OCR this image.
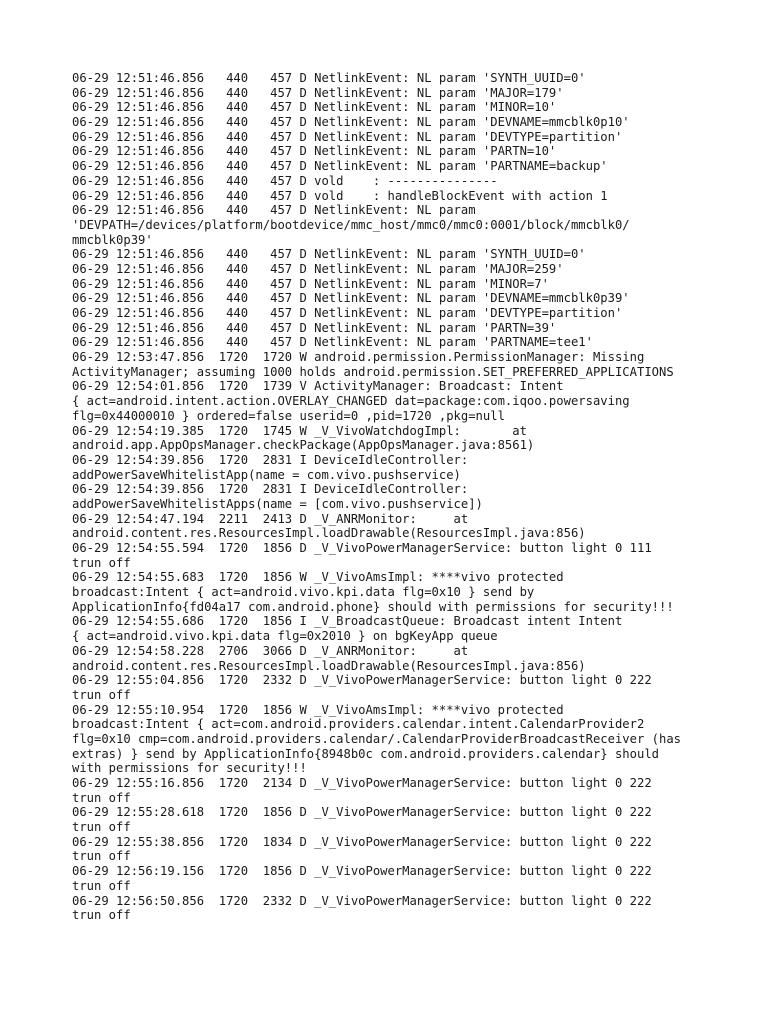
06-29 12:51:46.856   440   457 D NetlinkEvent: NL param 'SYNTH_UUID=0'
06-29 12:51:46.856   440   457 D NetlinkEvent: NL param 'MAJOR=179'
06-29 12:51:46.856   440   457 D NetlinkEvent: NL param 'MINOR=10'
06-29 12:51:46.856   440   457 D NetlinkEvent: NL param 'DEVNAME=mmcblk0p10'
06-29 12:51:46.856   440   457 D NetlinkEvent: NL param 'DEVTYPE=partition'
06-29 12:51:46.856   440   457 D NetlinkEvent: NL param 'PARTN=10'
06-29 12:51:46.856   440   457 D NetlinkEvent: NL param 'PARTNAME=backup'
06-29 12:51:46.856   440   457 D vold    : ---------------
06-29 12:51:46.856   440   457 D vold    : handleBlockEvent with action 1
06-29 12:51:46.856   440   457 D NetlinkEvent: NL param
'DEVPATH=/devices/platform/bootdevice/mmc_host/mmc0/mmc0:0001/block/mmcblk0/
mmcblk0p39'
06-29 12:51:46.856   440   457 D NetlinkEvent: NL param 'SYNTH_UUID=0'
06-29 12:51:46.856   440   457 D NetlinkEvent: NL param 'MAJOR=259'
06-29 12:51:46.856   440   457 D NetlinkEvent: NL param 'MINOR=7'
06-29 12:51:46.856   440   457 D NetlinkEvent: NL param 'DEVNAME=mmcblk0p39'
06-29 12:51:46.856   440   457 D NetlinkEvent: NL param 'DEVTYPE=partition'
06-29 12:51:46.856   440   457 D NetlinkEvent: NL param 'PARTN=39'
06-29 12:51:46.856   440   457 D NetlinkEvent: NL param 'PARTNAME=tee1'
06-29 12:53:47.856  1720  1720 W android.permission.PermissionManager: Missing
ActivityManager; assuming 1000 holds android.permission.SET_PREFERRED_APPLICATIONS
06-29 12:54:01.856  1720  1739 V ActivityManager: Broadcast: Intent
{ act=android.intent.action.OVERLAY_CHANGED dat=package:com.iqoo.powersaving
flg=0x44000010 } ordered=false userid=0 ,pid=1720 ,pkg=null
06-29 12:54:19.385  1720  1745 W _V_VivoWatchdogImpl:       at
android.app.AppOpsManager.checkPackage(AppOpsManager.java:8561)
06-29 12:54:39.856  1720  2831 I DeviceIdleController:
addPowerSaveWhitelistApp(name = com.vivo.pushservice)
06-29 12:54:39.856  1720  2831 I DeviceIdleController:
addPowerSaveWhitelistApps(name = [com.vivo.pushservice])
06-29 12:54:47.194  2211  2413 D _V_ANRMonitor:     at
android.content.res.ResourcesImpl.loadDrawable(ResourcesImpl.java:856)
06-29 12:54:55.594  1720  1856 D _V_VivoPowerManagerService: button light 0 111
trun off
06-29 12:54:55.683  1720  1856 W _V_VivoAmsImpl: ****vivo protected
broadcast:Intent { act=android.vivo.kpi.data flg=0x10 } send by
ApplicationInfo{fd04a17 com.android.phone} should with permissions for security!!!
06-29 12:54:55.686  1720  1856 I _V_BroadcastQueue: Broadcast intent Intent
{ act=android.vivo.kpi.data flg=0x2010 } on bgKeyApp queue
06-29 12:54:58.228  2706  3066 D _V_ANRMonitor:     at
android.content.res.ResourcesImpl.loadDrawable(ResourcesImpl.java:856)
06-29 12:55:04.856  1720  2332 D _V_VivoPowerManagerService: button light 0 222
trun off
06-29 12:55:10.954  1720  1856 W _V_VivoAmsImpl: ****vivo protected
broadcast:Intent { act=com.android.providers.calendar.intent.CalendarProvider2
flg=0x10 cmp=com.android.providers.calendar/.CalendarProviderBroadcastReceiver (has
extras) } send by ApplicationInfo{8948b0c com.android.providers.calendar} should
with permissions for security!!!
06-29 12:55:16.856  1720  2134 D _V_VivoPowerManagerService: button light 0 222
trun off
06-29 12:55:28.618  1720  1856 D _V_VivoPowerManagerService: button light 0 222
trun off
06-29 12:55:38.856  1720  1834 D _V_VivoPowerManagerService: button light 0 222
trun off
06-29 12:56:19.156  1720  1856 D _V_VivoPowerManagerService: button light 0 222
trun off
06-29 12:56:50.856  1720  2332 D _V_VivoPowerManagerService: button light 0 222
trun off
